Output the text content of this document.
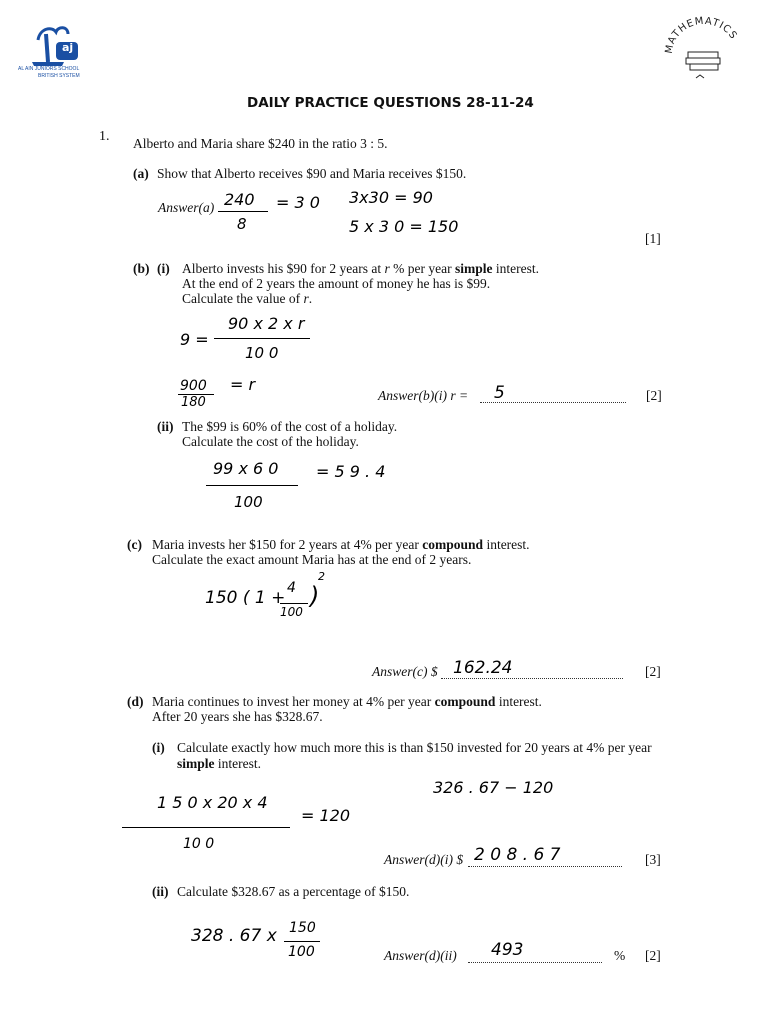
aj
AL AIN JUNIORS SCHOOL
BRITISH SYSTEM
MATHEMATICS
DAILY PRACTICE QUESTIONS 28-11-24
1. Alberto and Maria share $240 in the ratio 3 : 5.
(a) Show that Alberto receives $90 and Maria receives $150.
Answer(a) 240
8
= 3 0 3x30 = 90
5 x 3 0 = 150
[1]
(b) (i) Alberto invests his $90 for 2 years at r % per year simple interest.
At the end of 2 years the amount of money he has is $99.
Calculate the value of r.
9 =
90 x 2 x r
10 0
900
180
= r
Answer(b)(i) r = 5	[2]
(ii) The $99 is 60% of the cost of a holiday.
Calculate the cost of the holiday.
99 x 6 0
100
= 5 9 . 4
(c) Maria invests her $150 for 2 years at 4% per year compound interest.
Calculate the exact amount Maria has at the end of 2 years.
150 ( 1 + 4
100
)
2
Answer(c) $ 162.24	[2]
(d) Maria continues to invest her money at 4% per year compound interest.
After 20 years she has $328.67.
(i) Calculate exactly how much more this is than $150 invested for 20 years at 4% per year
simple interest.
326 . 67 − 120
1 5 0 x 20 x 4
10 0
= 120
Answer(d)(i) $ 2 0 8 . 6 7	[3]
(ii) Calculate $328.67 as a percentage of $150.
328 . 67 x 150
100	Answer(d)(ii) 493	% [2]
